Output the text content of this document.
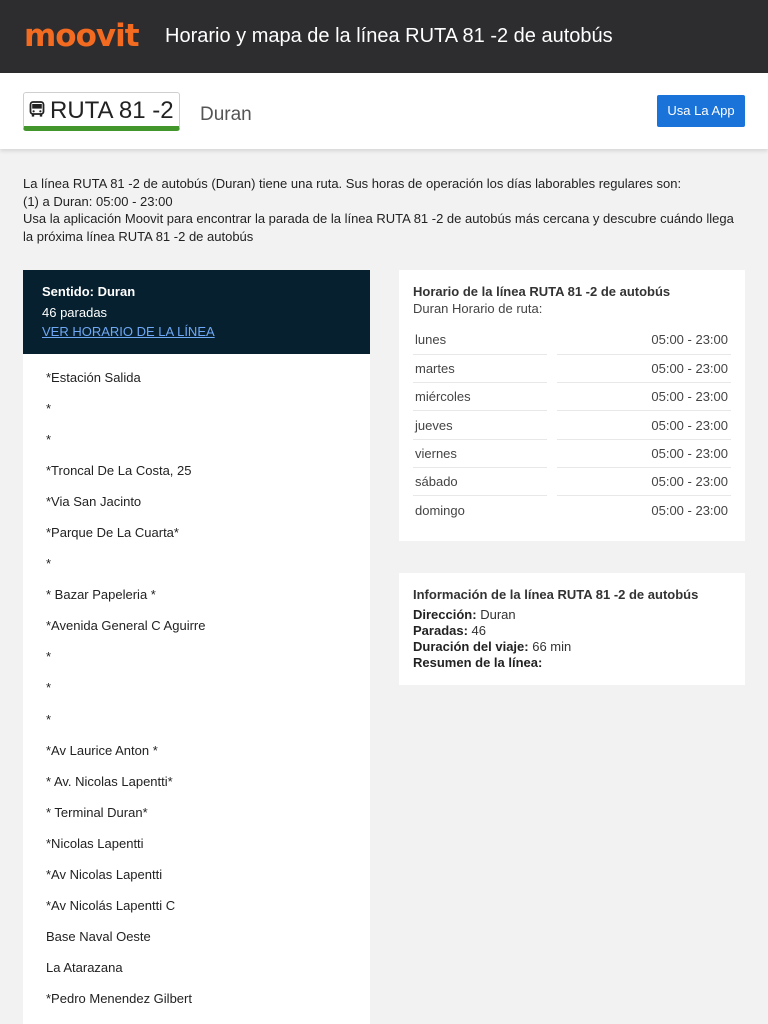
moovit Horario y mapa de la línea RUTA 81 -2 de autobús
RUTA 81 -2 Duran	Usa La App

La línea RUTA 81 -2 de autobús (Duran) tiene una ruta. Sus horas de operación los días laborables regulares son:

(1) a Duran: 05:00 - 23:00

Usa la aplicación Moovit para encontrar la parada de la línea RUTA 81 -2 de autobús más cercana y descubre cuándo llega la próxima línea RUTA 81 -2 de autobús

Sentido: Duran
46 paradas
VER HORARIO DE LA LÍNEA
*Estación Salida
*
*
*Troncal De La Costa, 25
*Via San Jacinto
*Parque De La Cuarta*
*
* Bazar Papeleria *
*Avenida General C Aguirre
*
*
*
*Av Laurice Anton *
* Av. Nicolas Lapentti*
* Terminal Duran*
*Nicolas Lapentti
*Av Nicolas Lapentti
*Av Nicolás Lapentti C
Base Naval Oeste
La Atarazana
*Pedro Menendez Gilbert
Horario de la línea RUTA 81 -2 de autobús
Duran Horario de ruta:
lunes		05:00 - 23:00
martes		05:00 - 23:00
miércoles		05:00 - 23:00
jueves		05:00 - 23:00
viernes		05:00 - 23:00
sábado		05:00 - 23:00
domingo		05:00 - 23:00
Información de la línea RUTA 81 -2 de autobús
Dirección: Duran
Paradas: 46
Duración del viaje: 66 min
Resumen de la línea:
